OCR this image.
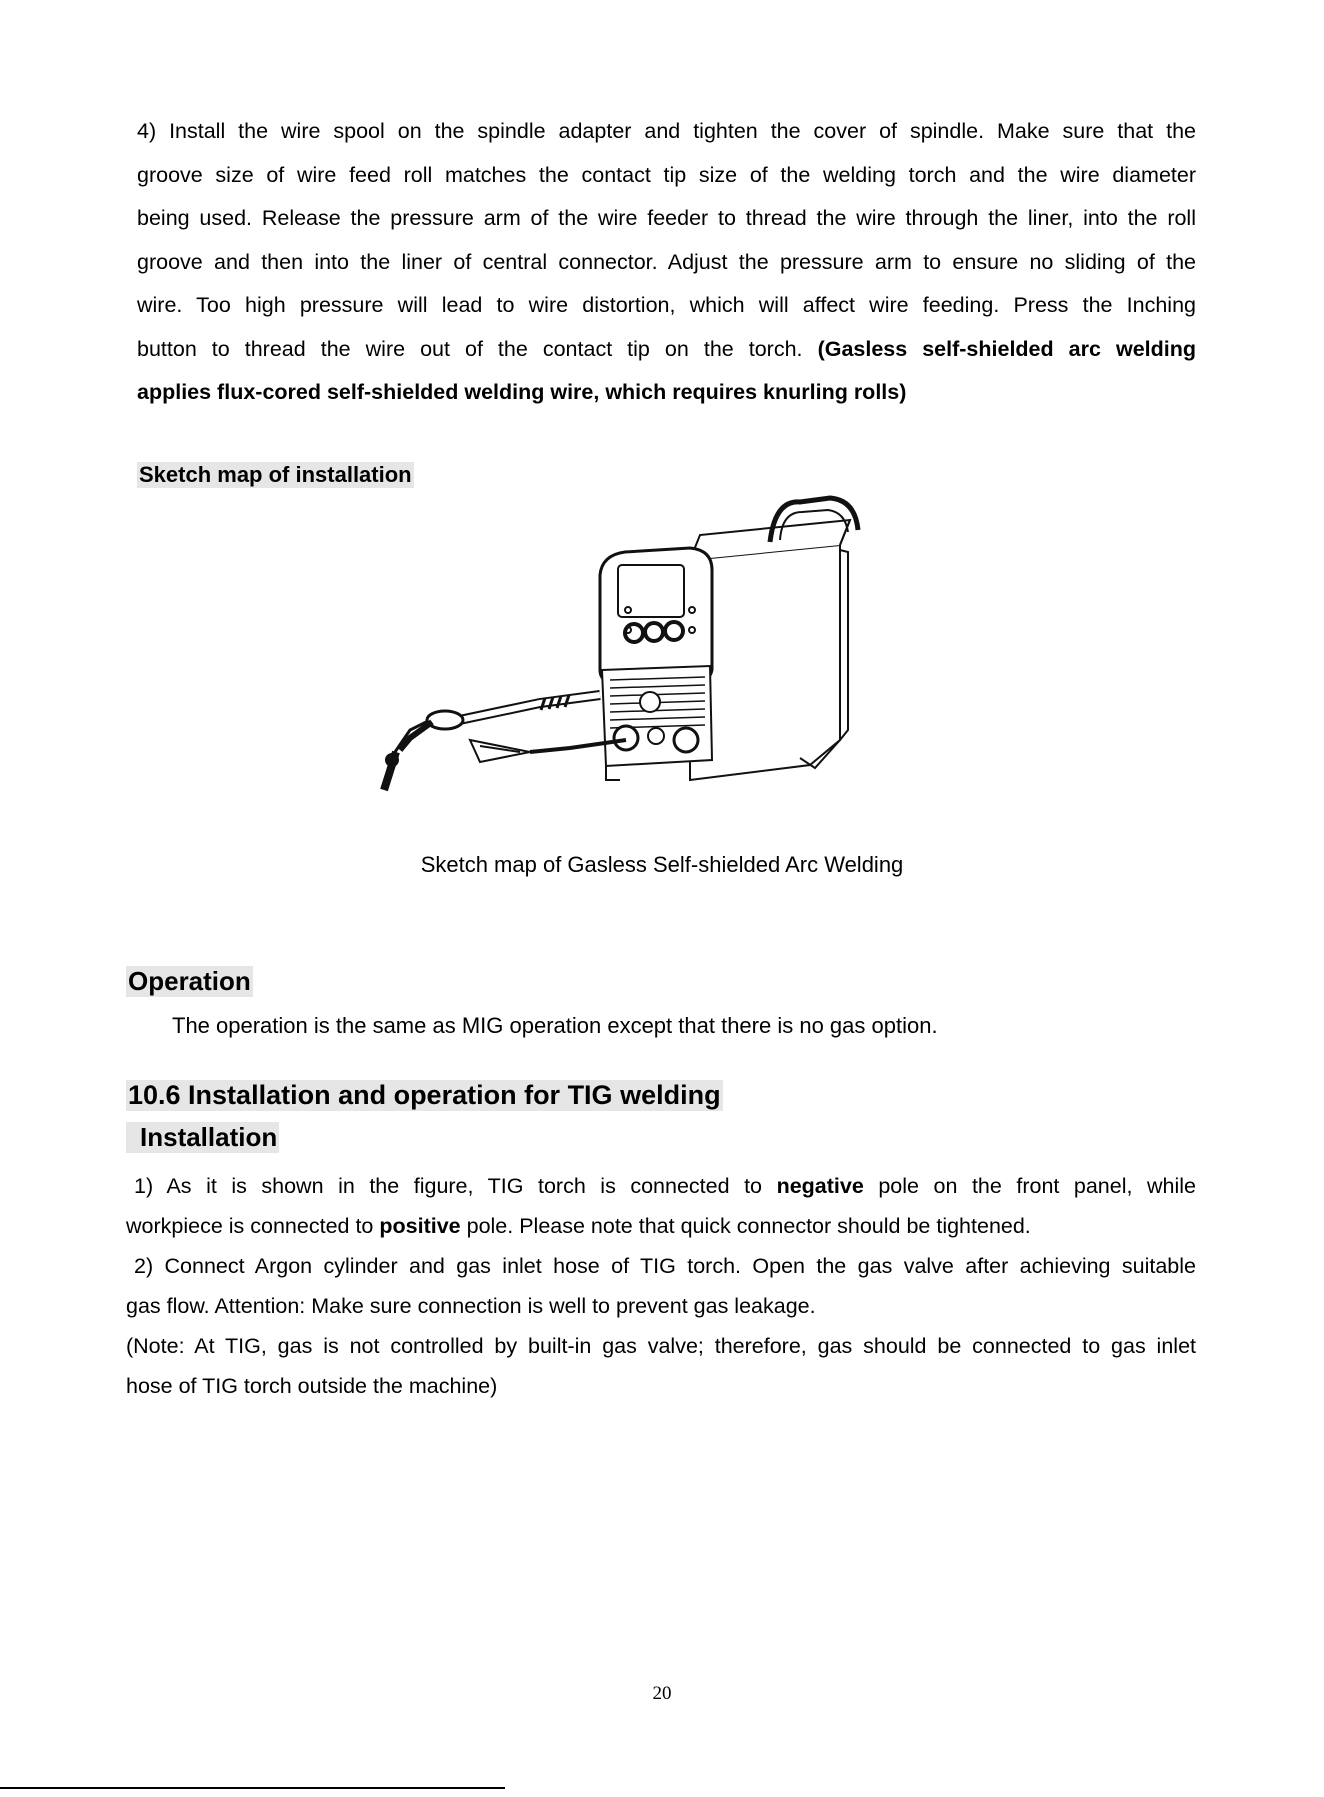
4) Install the wire spool on the spindle adapter and tighten the cover of spindle. Make sure that the
groove size of wire feed roll matches the contact tip size of the welding torch and the wire diameter
being used. Release the pressure arm of the wire feeder to thread the wire through the liner, into the roll
groove and then into the liner of central connector. Adjust the pressure arm to ensure no sliding of the
wire. Too high pressure will lead to wire distortion, which will affect wire feeding. Press the Inching
button to thread the wire out of the contact tip on the torch. (Gasless self-shielded arc welding
applies flux-cored self-shielded welding wire, which requires knurling rolls)
Sketch map of installation
Sketch map of Gasless Self-shielded Arc Welding
Operation
The operation is the same as MIG operation except that there is no gas option.
10.6 Installation and operation for TIG welding
Installation
1) As it is shown in the figure, TIG torch is connected to negative pole on the front panel, while
workpiece is connected to positive pole. Please note that quick connector should be tightened.
2) Connect Argon cylinder and gas inlet hose of TIG torch. Open the gas valve after achieving suitable
gas flow. Attention: Make sure connection is well to prevent gas leakage.
(Note: At TIG, gas is not controlled by built-in gas valve; therefore, gas should be connected to gas inlet
hose of TIG torch outside the machine)
20
